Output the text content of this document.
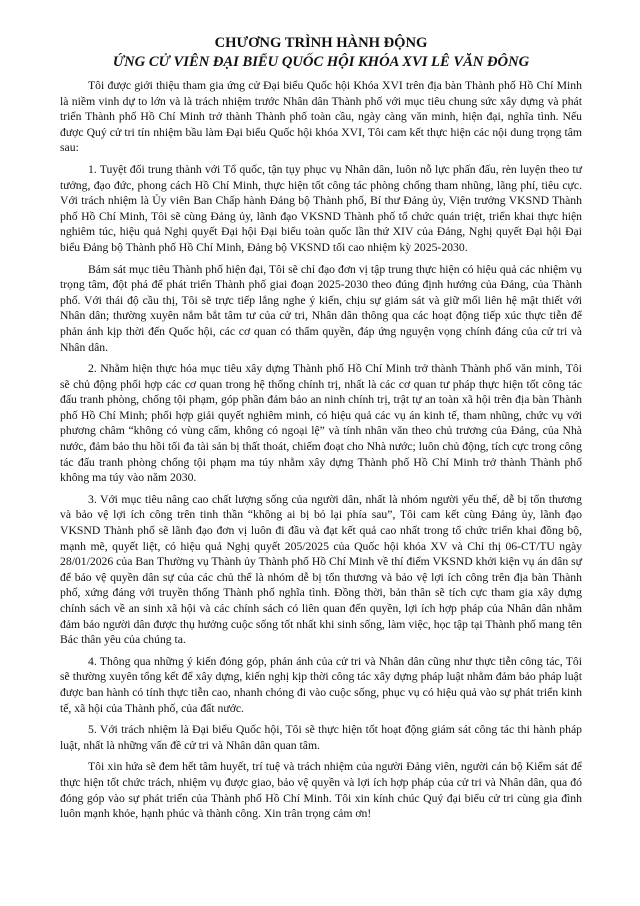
CHƯƠNG TRÌNH HÀNH ĐỘNG
ỨNG CỬ VIÊN ĐẠI BIỂU QUỐC HỘI KHÓA XVI LÊ VĂN ĐÔNG

Tôi được giới thiệu tham gia ứng cử Đại biểu Quốc hội Khóa XVI trên địa bàn Thành phố Hồ Chí Minh là niềm vinh dự to lớn và là trách nhiệm trước Nhân dân Thành phố với mục tiêu chung sức xây dựng và phát triển Thành phố Hồ Chí Minh trở thành Thành phố toàn cầu, ngày càng văn minh, hiện đại, nghĩa tình. Nếu được Quý cử tri tín nhiệm bầu làm Đại biểu Quốc hội khóa XVI, Tôi cam kết thực hiện các nội dung trọng tâm sau:

1. Tuyệt đối trung thành với Tổ quốc, tận tụy phục vụ Nhân dân, luôn nỗ lực phấn đấu, rèn luyện theo tư tưởng, đạo đức, phong cách Hồ Chí Minh, thực hiện tốt công tác phòng chống tham nhũng, lãng phí, tiêu cực. Với trách nhiệm là Ủy viên Ban Chấp hành Đảng bộ Thành phố, Bí thư Đảng ủy, Viện trưởng VKSND Thành phố Hồ Chí Minh, Tôi sẽ cùng Đảng ủy, lãnh đạo VKSND Thành phố tổ chức quán triệt, triển khai thực hiện nghiêm túc, hiệu quả Nghị quyết Đại hội Đại biểu toàn quốc lần thứ XIV của Đảng, Nghị quyết Đại hội Đại biểu Đảng bộ Thành phố Hồ Chí Minh, Đảng bộ VKSND tối cao nhiệm kỳ 2025-2030.

Bám sát mục tiêu Thành phố hiện đại, Tôi sẽ chỉ đạo đơn vị tập trung thực hiện có hiệu quả các nhiệm vụ trọng tâm, đột phá để phát triển Thành phố giai đoạn 2025-2030 theo đúng định hướng của Đảng, của Thành phố. Với thái độ cầu thị, Tôi sẽ trực tiếp lắng nghe ý kiến, chịu sự giám sát và giữ mối liên hệ mật thiết với Nhân dân; thường xuyên nắm bắt tâm tư của cử tri, Nhân dân thông qua các hoạt động tiếp xúc thực tiễn để phản ánh kịp thời đến Quốc hội, các cơ quan có thẩm quyền, đáp ứng nguyện vọng chính đáng của cử tri và Nhân dân.

2. Nhằm hiện thực hóa mục tiêu xây dựng Thành phố Hồ Chí Minh trở thành Thành phố văn minh, Tôi sẽ chủ động phối hợp các cơ quan trong hệ thống chính trị, nhất là các cơ quan tư pháp thực hiện tốt công tác đấu tranh phòng, chống tội phạm, góp phần đảm bảo an ninh chính trị, trật tự an toàn xã hội trên địa bàn Thành phố Hồ Chí Minh; phối hợp giải quyết nghiêm minh, có hiệu quả các vụ án kinh tế, tham nhũng, chức vụ với phương châm “không có vùng cấm, không có ngoại lệ” và tính nhân văn theo chủ trương của Đảng, của Nhà nước, đảm bảo thu hồi tối đa tài sản bị thất thoát, chiếm đoạt cho Nhà nước; luôn chủ động, tích cực trong công tác đấu tranh phòng chống tội phạm ma túy nhằm xây dựng Thành phố Hồ Chí Minh trở thành Thành phố không ma túy vào năm 2030.

3. Với mục tiêu nâng cao chất lượng sống của người dân, nhất là nhóm người yếu thế, dễ bị tổn thương và bảo vệ lợi ích công trên tinh thần “không ai bị bỏ lại phía sau”, Tôi cam kết cùng Đảng ủy, lãnh đạo VKSND Thành phố sẽ lãnh đạo đơn vị luôn đi đầu và đạt kết quả cao nhất trong tổ chức triển khai đồng bộ, mạnh mẽ, quyết liệt, có hiệu quả Nghị quyết 205/2025 của Quốc hội khóa XV và Chỉ thị 06-CT/TU ngày 28/01/2026 của Ban Thường vụ Thành ủy Thành phố Hồ Chí Minh về thí điểm VKSND khởi kiện vụ án dân sự để bảo vệ quyền dân sự của các chủ thể là nhóm dễ bị tổn thương và bảo vệ lợi ích công trên địa bàn Thành phố, xứng đáng với truyền thống Thành phố nghĩa tình. Đồng thời, bản thân sẽ tích cực tham gia xây dựng chính sách về an sinh xã hội và các chính sách có liên quan đến quyền, lợi ích hợp pháp của Nhân dân nhằm đảm bảo người dân được thụ hưởng cuộc sống tốt nhất khi sinh sống, làm việc, học tập tại Thành phố mang tên Bác thân yêu của chúng ta.

4. Thông qua những ý kiến đóng góp, phản ánh của cử tri và Nhân dân cũng như thực tiễn công tác, Tôi sẽ thường xuyên tổng kết để xây dựng, kiến nghị kịp thời công tác xây dựng pháp luật nhằm đảm bảo pháp luật được ban hành có tính thực tiễn cao, nhanh chóng đi vào cuộc sống, phục vụ có hiệu quả vào sự phát triển kinh tế, xã hội của Thành phố, của đất nước.

5. Với trách nhiệm là Đại biểu Quốc hội, Tôi sẽ thực hiện tốt hoạt động giám sát công tác thi hành pháp luật, nhất là những vấn đề cử tri và Nhân dân quan tâm.

Tôi xin hứa sẽ đem hết tâm huyết, trí tuệ và trách nhiệm của người Đảng viên, người cán bộ Kiểm sát để thực hiện tốt chức trách, nhiệm vụ được giao, bảo vệ quyền và lợi ích hợp pháp của cử tri và Nhân dân, qua đó đóng góp vào sự phát triển của Thành phố Hồ Chí Minh. Tôi xin kính chúc Quý đại biểu cử tri cùng gia đình luôn mạnh khỏe, hạnh phúc và thành công. Xin trân trọng cảm ơn!
